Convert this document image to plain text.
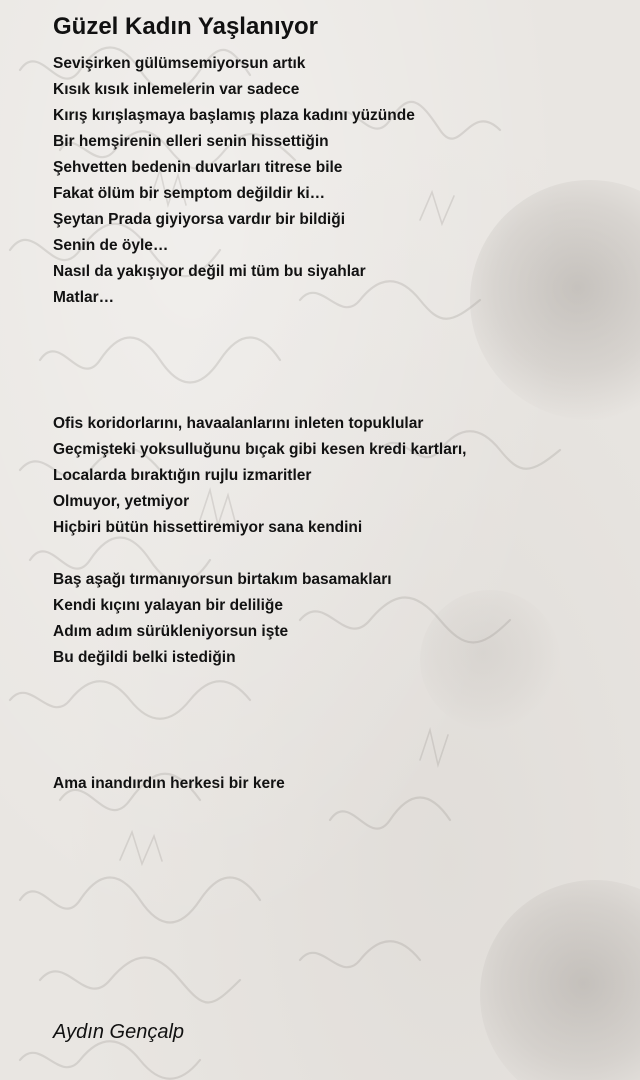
Güzel Kadın Yaşlanıyor
Sevişirken gülümsemiyorsun artık
Kısık kısık inlemelerin var sadece
Kırış kırışlaşmaya başlamış plaza kadını yüzünde
Bir hemşirenin elleri senin hissettiğin
Şehvetten bedenin duvarları titrese bile
Fakat ölüm bir semptom değildir ki…
Şeytan Prada giyiyorsa vardır bir bildiği
Senin de öyle…
Nasıl da yakışıyor değil mi tüm bu siyahlar
Matlar…
Ofis koridorlarını, havaalanlarını inleten topuklular
Geçmişteki yoksulluğunu bıçak gibi kesen kredi kartları,
Localarda bıraktığın rujlu izmaritler
Olmuyor, yetmiyor
Hiçbiri bütün hissettiremiyor sana kendini
Baş aşağı tırmanıyorsun birtakım basamakları
Kendi kıçını yalayan bir deliliğe
Adım adım sürükleniyorsun işte
Bu değildi belki istediğin
Ama inandırdın herkesi bir kere

Aydın Gençalp
